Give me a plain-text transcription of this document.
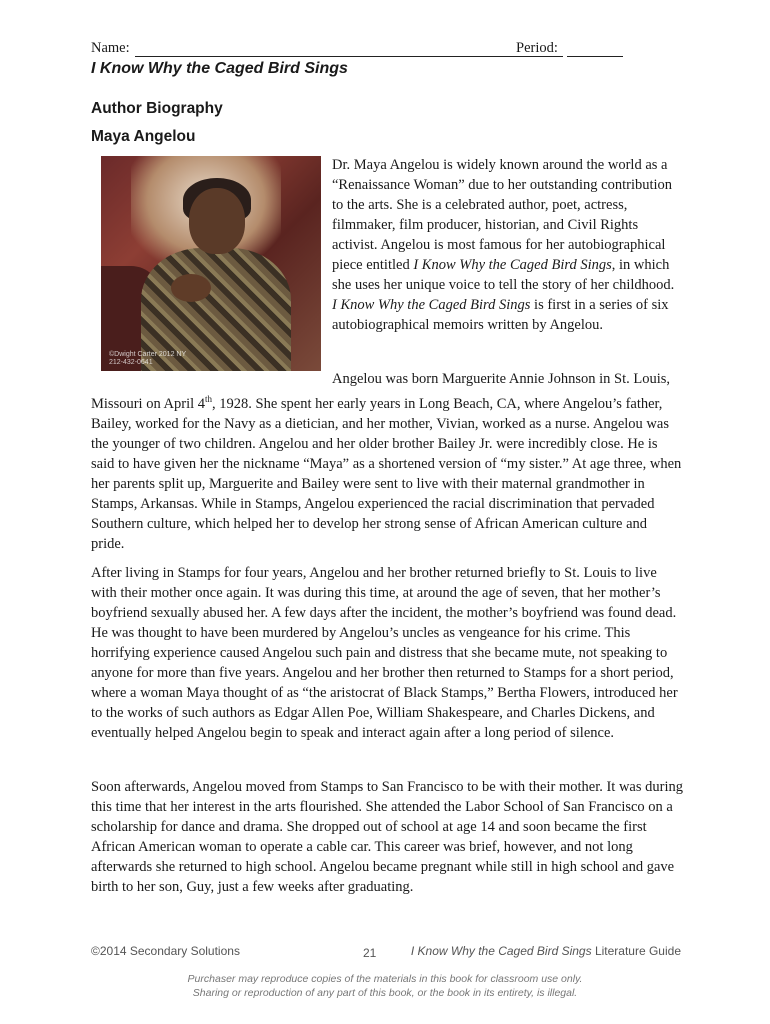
Name:	Period:
I Know Why the Caged Bird Sings
Author Biography
Maya Angelou
©Dwight Carter 2012 NY 212-432-0641

Dr. Maya Angelou is widely known around the world as a “Renaissance Woman” due to her outstanding contribution to the arts. She is a celebrated author, poet, actress, filmmaker, film producer, historian, and Civil Rights activist. Angelou is most famous for her autobiographical piece entitled I Know Why the Caged Bird Sings, in which she uses her unique voice to tell the story of her childhood. I Know Why the Caged Bird Sings is first in a series of six autobiographical memoirs written by Angelou.

Angelou was born Marguerite Annie Johnson in St. Louis, Missouri on April 4th, 1928. She spent her early years in Long Beach, CA, where Angelou’s father, Bailey, worked for the Navy as a dietician, and her mother, Vivian, worked as a nurse. Angelou was the younger of two children. Angelou and her older brother Bailey Jr. were incredibly close. He is said to have given her the nickname “Maya” as a shortened version of “my sister.” At age three, when her parents split up, Marguerite and Bailey were sent to live with their maternal grandmother in Stamps, Arkansas. While in Stamps, Angelou experienced the racial discrimination that pervaded Southern culture, which helped her to develop her strong sense of African American culture and pride.

After living in Stamps for four years, Angelou and her brother returned briefly to St. Louis to live with their mother once again. It was during this time, at around the age of seven, that her mother’s boyfriend sexually abused her. A few days after the incident, the mother’s boyfriend was found dead. He was thought to have been murdered by Angelou’s uncles as vengeance for his crime. This horrifying experience caused Angelou such pain and distress that she became mute, not speaking to anyone for more than five years. Angelou and her brother then returned to Stamps for a short period, where a woman Maya thought of as “the aristocrat of Black Stamps,” Bertha Flowers, introduced her to the works of such authors as Edgar Allen Poe, William Shakespeare, and Charles Dickens, and eventually helped Angelou begin to speak and interact again after a long period of silence.

Soon afterwards, Angelou moved from Stamps to San Francisco to be with their mother. It was during this time that her interest in the arts flourished. She attended the Labor School of San Francisco on a scholarship for dance and drama. She dropped out of school at age 14 and soon became the first African American woman to operate a cable car. This career was brief, however, and not long afterwards she returned to high school. Angelou became pregnant while still in high school and gave birth to her son, Guy, just a few weeks after graduating.

©2014 Secondary Solutions	21	I Know Why the Caged Bird Sings Literature Guide
Purchaser may reproduce copies of the materials in this book for classroom use only.
Sharing or reproduction of any part of this book, or the book in its entirety, is illegal.
